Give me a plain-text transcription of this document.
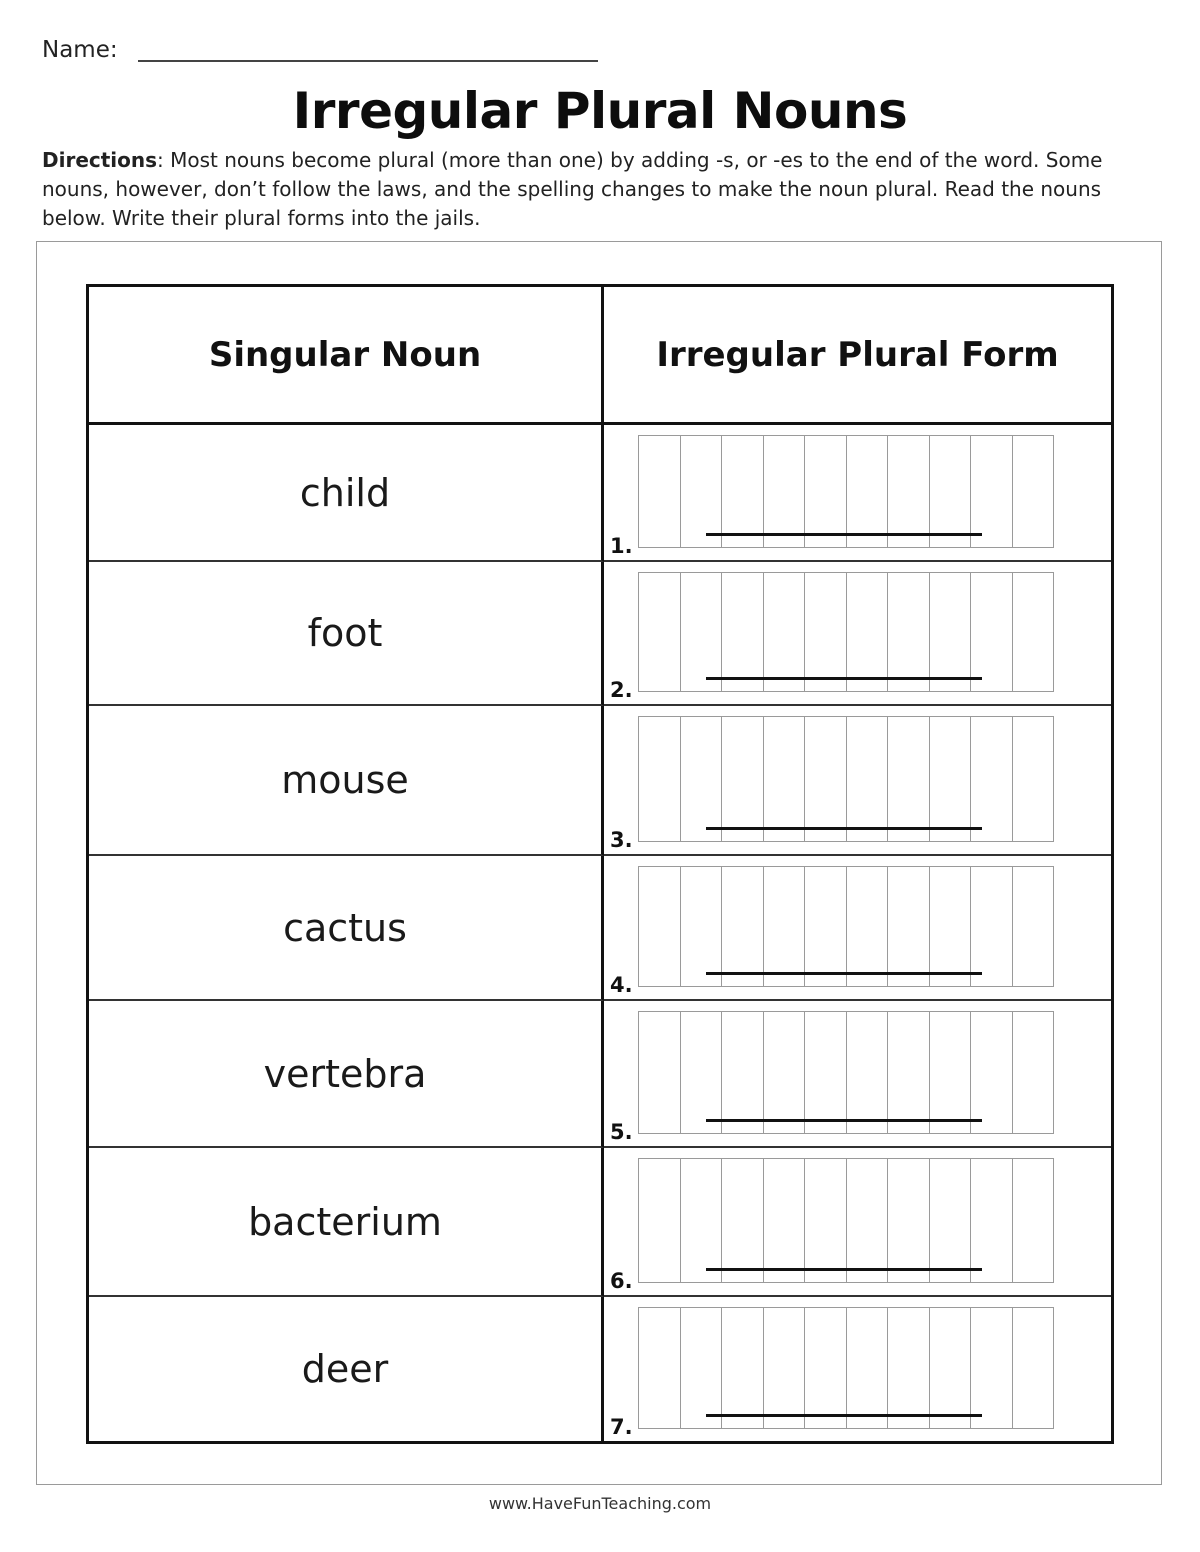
Name:
Irregular Plural Nouns

Directions: Most nouns become plural (more than one) by adding -s, or -es to the end of the word. Some nouns, however, don’t follow the laws, and the spelling changes to make the noun plural. Read the nouns below. Write their plural forms into the jails.

Singular Noun	Irregular Plural Form
child
1.
foot
2.
mouse
3.
cactus
4.
vertebra
5.
bacterium
6.
deer
7.
www.HaveFunTeaching.com
